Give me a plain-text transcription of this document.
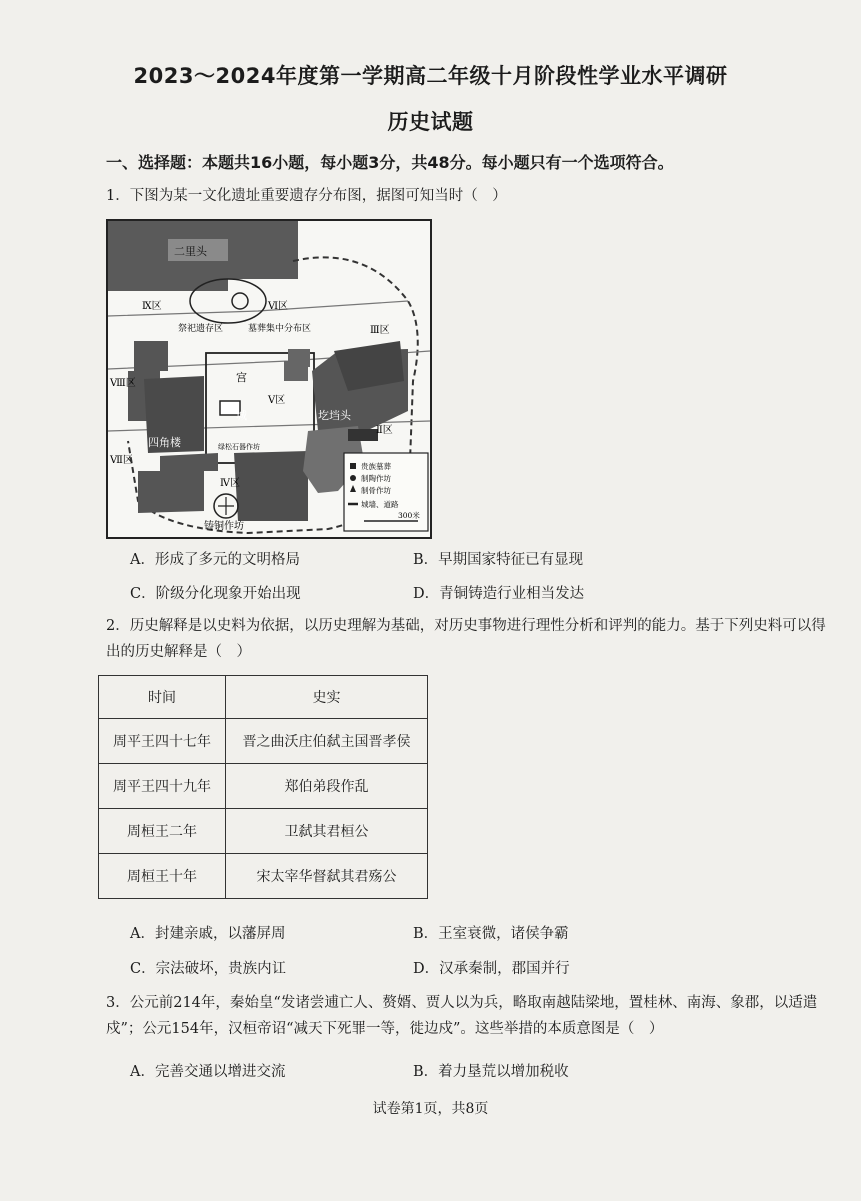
2023～2024年度第一学期高二年级十月阶段性学业水平调研
历史试题
一、选择题：本题共16小题，每小题3分，共48分。每小题只有一个选项符合。
1．下图为某一文化遗址重要遗存分布图，据图可知当时（　）
二里头
Ⅸ区	Ⅵ区
Ⅲ区
祭祀遗存区	墓葬集中分布区
Ⅷ区	宫
城
Ⅴ区
圪垱头
Ⅱ区
绿松石器作坊
四角楼
Ⅶ区
Ⅳ区
铸铜作坊
贵族墓葬
制陶作坊
制骨作坊
城墙、道路
300米
A．形成了多元的文明格局	B．早期国家特征已有显现
C．阶级分化现象开始出现	D．青铜铸造行业相当发达
2．历史解释是以史料为依据，以历史理解为基础，对历史事物进行理性分析和评判的能力。基于下列史料可以得出的历史解释是（　）
时间	史实
周平王四十七年	晋之曲沃庄伯弑主国晋孝侯
周平王四十九年	郑伯弟段作乱
周桓王二年	卫弑其君桓公
周桓王十年	宋太宰华督弑其君殇公
A．封建亲戚，以藩屏周	B．王室衰微，诸侯争霸
C．宗法破坏，贵族内讧	D．汉承秦制，郡国并行
3．公元前214年，秦始皇“发诸尝逋亡人、赘婿、贾人以为兵，略取南越陆梁地，置桂林、南海、象郡，以适遣戍”；公元154年，汉桓帝诏“减天下死罪一等，徙边戍”。这些举措的本质意图是（　）
A．完善交通以增进交流	B．着力垦荒以增加税收
试卷第1页，共8页
